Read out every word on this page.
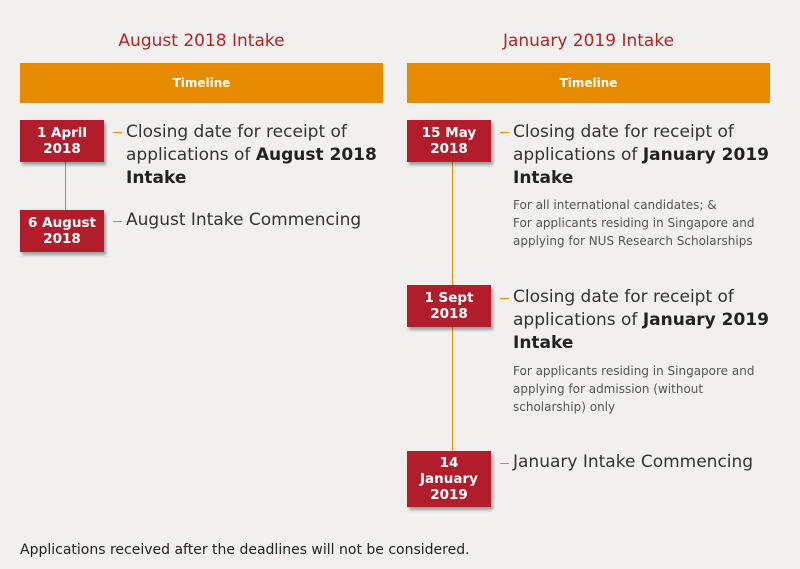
August 2018 Intake
Timeline
1 April
2018
Closing date for receipt of applications of August 2018 Intake
6 August
2018
August Intake Commencing
January 2019 Intake
Timeline
15 May
2018
Closing date for receipt of applications of January 2019 Intake
For all international candidates; &
For applicants residing in Singapore and applying for NUS Research Scholarships
1 Sept
2018
Closing date for receipt of applications of January 2019 Intake
For applicants residing in Singapore and applying for admission (without scholarship) only
14
January
2019
January Intake Commencing
Applications received after the deadlines will not be considered.
